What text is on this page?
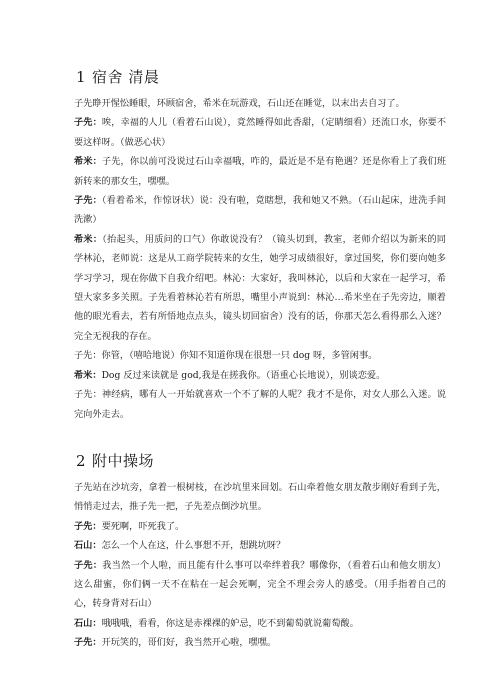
1 宿舍 清晨

子先睁开惺忪睡眼，环顾宿舍，希米在玩游戏，石山还在睡觉，以末出去自习了。

子先：唉，幸福的人儿（看着石山说），竟然睡得如此香甜，（定睛细看）还流口水，你要不要这样呀。（做恶心状）

希米：子先，你以前可没说过石山幸福哦，咋的，最近是不是有艳遇？还是你看上了我们班新转来的那女生，嘿嘿。

子先：（看着希米，作惊讶状）说：没有啦，竟瞎想，我和她又不熟。（石山起床，进洗手间洗漱）

希米：（抬起头，用质问的口气）你敢说没有？（镜头切到，教室，老师介绍以为新来的同学林沁，老师说：这是从工商学院转来的女生，她学习成绩很好，拿过国奖，你们要向她多学习学习，现在你做下自我介绍吧。林沁：大家好，我叫林沁，以后和大家在一起学习，希望大家多多关照。子先看着林沁若有所思，嘴里小声说到：林沁…希米坐在子先旁边，顺着他的眼光看去，若有所悟地点点头，镜头切回宿舍）没有的话，你那天怎么看得那么入迷？完全无视我的存在。

子先：你管，（嘻哈地说）你知不知道你现在很想一只 dog 呀，多管闲事。

希米：Dog 反过来读就是 god,我是在搓我你。（语重心长地说），别谈恋爱。

子先：神经病，哪有人一开始就喜欢一个不了解的人呢？我才不是你，对女人那么入迷。说完向外走去。

2 附中操场

子先站在沙坑旁，拿着一根树枝，在沙坑里来回划。石山牵着他女朋友散步刚好看到子先，悄悄走过去，推子先一把，子先差点倒沙坑里。

子先：要死啊，吓死我了。

石山：怎么一个人在这，什么事想不开，想跳坑呀？

子先：我当然一个人啦，而且能有什么事可以牵绊着我？哪像你，（看着石山和他女朋友）这么甜蜜，你们俩一天不在粘在一起会死啊，完全不理会旁人的感受。（用手指着自己的心，转身背对石山）

石山：哦哦哦，看看，你这是赤裸裸的妒忌，吃不到葡萄就说葡萄酸。

子先：开玩笑的，哥们好，我当然开心啦，嘿嘿。
